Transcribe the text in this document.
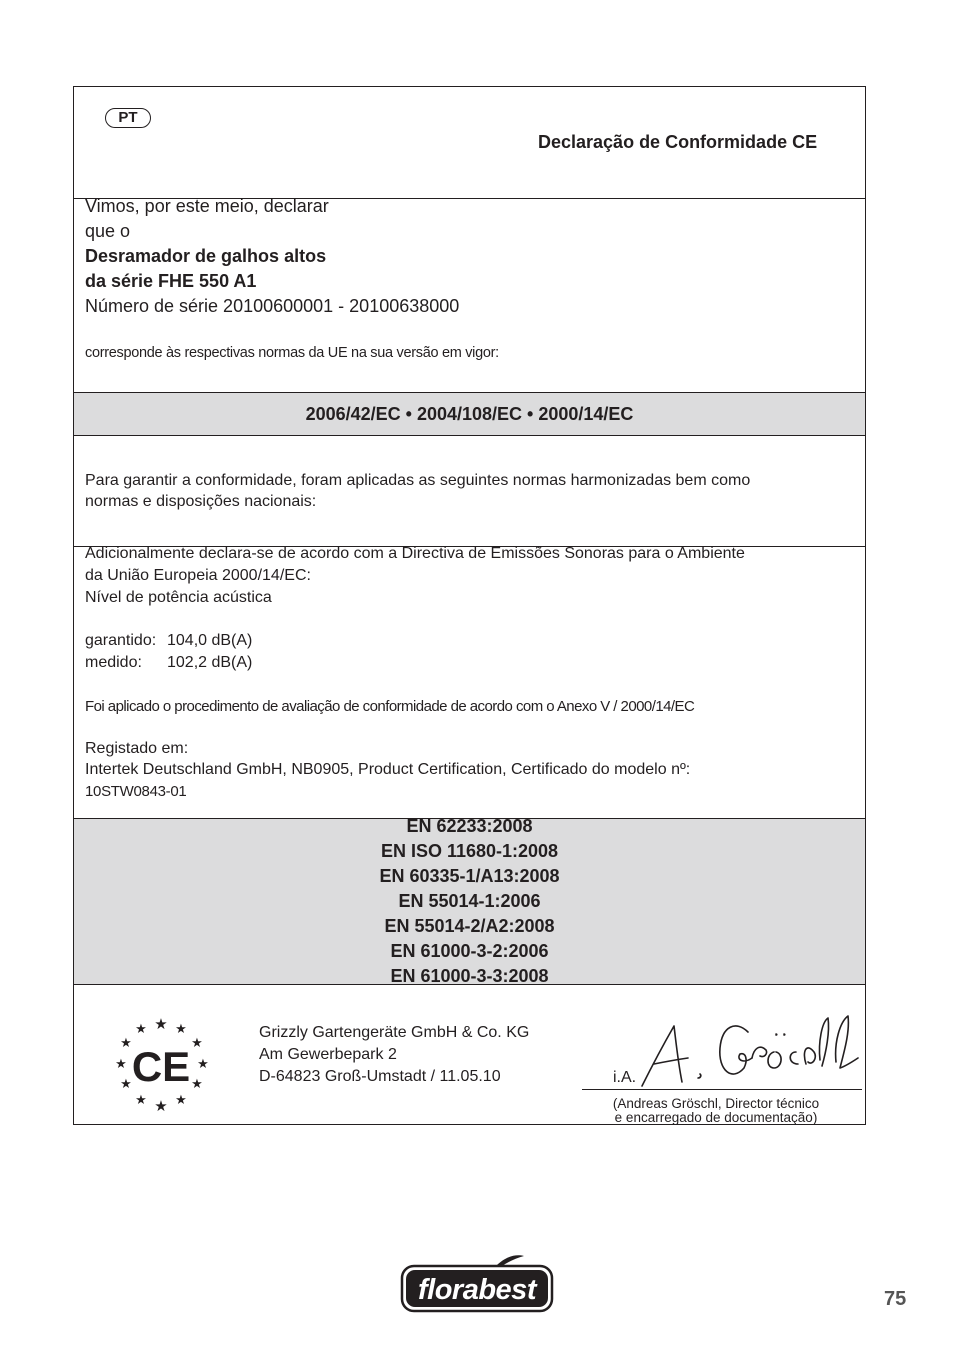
PT
Declaração de Conformidade CE
Vimos, por este meio, declarar
que o
Desramador de galhos altos
da série FHE 550 A1
Número de série 20100600001 - 20100638000
corresponde às respectivas normas da UE na sua versão em vigor:
2006/42/EC • 2004/108/EC • 2000/14/EC
Para garantir a conformidade, foram aplicadas as seguintes normas harmonizadas bem como
normas e disposições nacionais:
Adicionalmente declara-se de acordo com a Directiva de Emissões Sonoras para o Ambiente
da União Europeia 2000/14/EC:
Nível de potência acústica
garantido: 104,0 dB(A)
medido: 102,2 dB(A)
Foi aplicado o procedimento de avaliação de conformidade de acordo com o Anexo V / 2000/14/EC
Registado em:
Intertek Deutschland GmbH, NB0905, Product Certification, Certificado do modelo nº:
10STW0843-01
EN 62233:2008
EN ISO 11680-1:2008
EN 60335-1/A13:2008
EN 55014-1:2006
EN 55014-2/A2:2008
EN 61000-3-2:2006
EN 61000-3-3:2008
★
★ ★
★	★
★	★
★	★
★ ★
★
CE
Grizzly Gartengeräte GmbH & Co. KG
Am Gewerbepark 2
D-64823 Groß-Umstadt / 11.05.10	i.A.
(Andreas Gröschl, Director técnico
e encarregado de documentação)
florabest	75
